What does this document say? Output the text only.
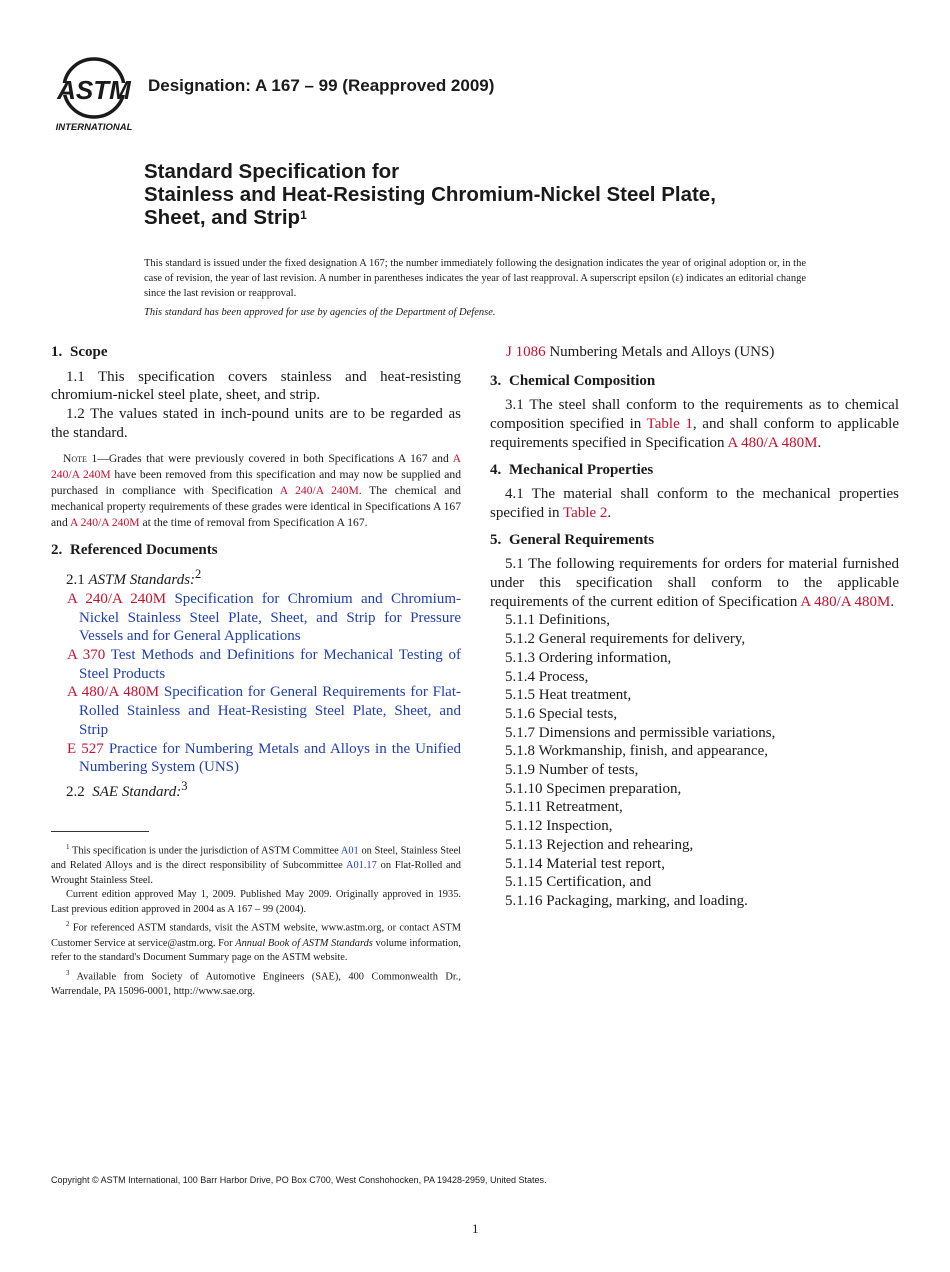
ASTM
INTERNATIONAL
Designation: A 167 – 99 (Reapproved 2009)
Standard Specification for
Stainless and Heat-Resisting Chromium-Nickel Steel Plate,
Sheet, and Strip$^1$
This standard is issued under the fixed designation A 167; the number immediately following the designation indicates the year of original adoption or, in the case of revision, the year of last revision. A number in parentheses indicates the year of last reapproval. A superscript epsilon (ε) indicates an editorial change since the last revision or reapproval.
This standard has been approved for use by agencies of the Department of Defense.
1. Scope

1.1 This specification covers stainless and heat-resisting chromium-nickel steel plate, sheet, and strip.

1.2 The values stated in inch-pound units are to be regarded as the standard.

Note 1—Grades that were previously covered in both Specifications A 167 and A 240/A 240M have been removed from this specification and may now be supplied and purchased in compliance with Specification A 240/A 240M. The chemical and mechanical property requirements of these grades were identical in Specifications A 167 and A 240/A 240M at the time of removal from Specification A 167.

2. Referenced Documents

2.1 ASTM Standards:$^2$

A 240/A 240M Specification for Chromium and Chromium-Nickel Stainless Steel Plate, Sheet, and Strip for Pressure Vessels and for General Applications

A 370 Test Methods and Definitions for Mechanical Testing of Steel Products

A 480/A 480M Specification for General Requirements for Flat-Rolled Stainless and Heat-Resisting Steel Plate, Sheet, and Strip

E 527 Practice for Numbering Metals and Alloys in the Unified Numbering System (UNS)

2.2 SAE Standard:$^3$

$^1$ This specification is under the jurisdiction of ASTM Committee A01 on Steel, Stainless Steel and Related Alloys and is the direct responsibility of Subcommittee A01.17 on Flat-Rolled and Wrought Stainless Steel.

Current edition approved May 1, 2009. Published May 2009. Originally approved in 1935. Last previous edition approved in 2004 as A 167 – 99 (2004).

$^2$ For referenced ASTM standards, visit the ASTM website, www.astm.org, or contact ASTM Customer Service at service@astm.org. For Annual Book of ASTM Standards volume information, refer to the standard's Document Summary page on the ASTM website.

$^3$ Available from Society of Automotive Engineers (SAE), 400 Commonwealth Dr., Warrendale, PA 15096-0001, http://www.sae.org.

J 1086 Numbering Metals and Alloys (UNS)

3. Chemical Composition

3.1 The steel shall conform to the requirements as to chemical composition specified in Table 1, and shall conform to applicable requirements specified in Specification A 480/A 480M.

4. Mechanical Properties

4.1 The material shall conform to the mechanical properties specified in Table 2.

5. General Requirements

5.1 The following requirements for orders for material furnished under this specification shall conform to the applicable requirements of the current edition of Specification A 480/A 480M.

5.1.1 Definitions,
5.1.2 General requirements for delivery,
5.1.3 Ordering information,
5.1.4 Process,
5.1.5 Heat treatment,
5.1.6 Special tests,
5.1.7 Dimensions and permissible variations,
5.1.8 Workmanship, finish, and appearance,
5.1.9 Number of tests,
5.1.10 Specimen preparation,
5.1.11 Retreatment,
5.1.12 Inspection,
5.1.13 Rejection and rehearing,
5.1.14 Material test report,
5.1.15 Certification, and
5.1.16 Packaging, marking, and loading.
Copyright © ASTM International, 100 Barr Harbor Drive, PO Box C700, West Conshohocken, PA 19428-2959, United States.
1
